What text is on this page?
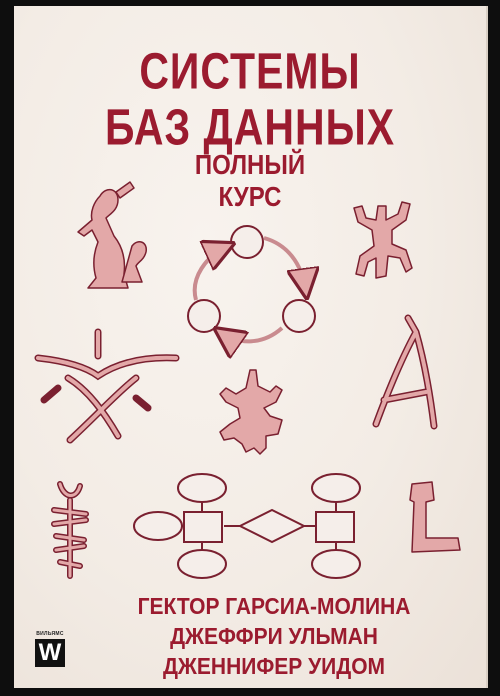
СИСТЕМЫ
БАЗ ДАННЫХ
ПОЛНЫЙ
КУРС
ГЕКТОР ГАРСИА-МОЛИНА
ДЖЕФФРИ УЛЬМАН
ДЖЕННИФЕР УИДОМ
ВИЛЬЯМС
W
